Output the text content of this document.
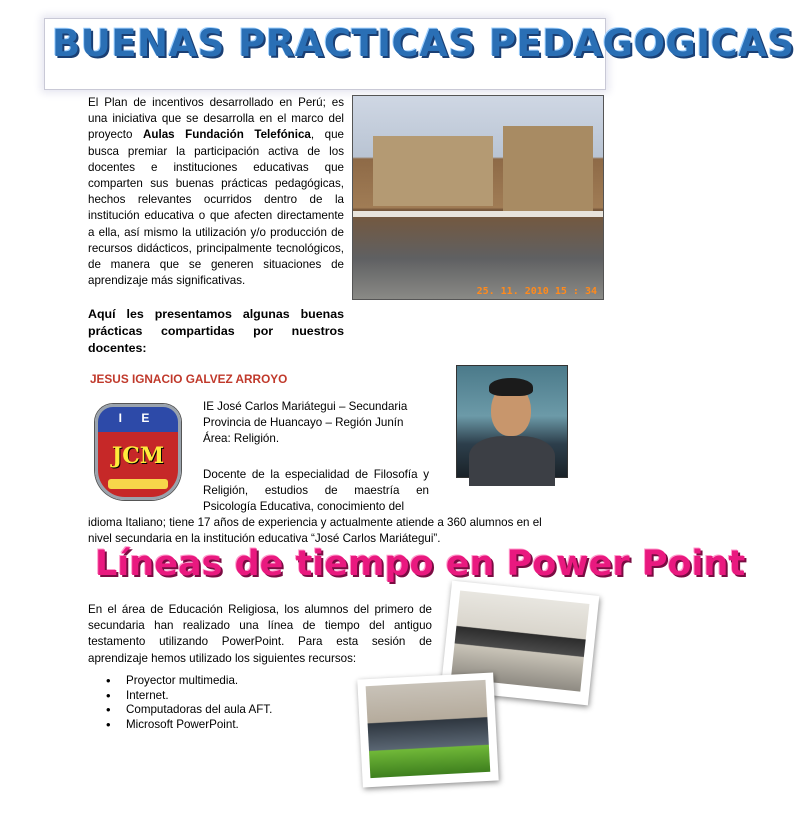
BUENAS PRACTICAS PEDAGOGICAS
El Plan de incentivos desarrollado en Perú; es una iniciativa que se desarrolla en el marco del proyecto Aulas Fundación Telefónica, que busca premiar la participación activa de los docentes e instituciones educativas que comparten sus buenas prácticas pedagógicas, hechos relevantes ocurridos dentro de la institución educativa o que afecten directamente a ella, así mismo la utilización y/o producción de recursos didácticos, principalmente tecnológicos, de manera que se generen situaciones de aprendizaje más significativas.
25. 11. 2010 15 : 34
Aquí les presentamos algunas buenas prácticas compartidas por nuestros docentes:
JESUS IGNACIO GALVEZ ARROYO
I E
JCM
IE José Carlos Mariátegui – Secundaria
Provincia de Huancayo – Región Junín
Área: Religión.
Docente de la especialidad de Filosofía y Religión, estudios de maestría en Psicología Educativa, conocimiento del
idioma Italiano; tiene 17 años de experiencia y actualmente atiende a 360 alumnos en el nivel secundaria en la institución educativa “José Carlos Mariátegui”.
Líneas de tiempo en Power Point
En el área de Educación Religiosa, los alumnos del primero de secundaria han realizado una línea de tiempo del antiguo testamento utilizando PowerPoint. Para esta sesión de aprendizaje hemos utilizado los siguientes recursos:
• Proyector multimedia.
• Internet.
• Computadoras del aula AFT.
• Microsoft PowerPoint.
